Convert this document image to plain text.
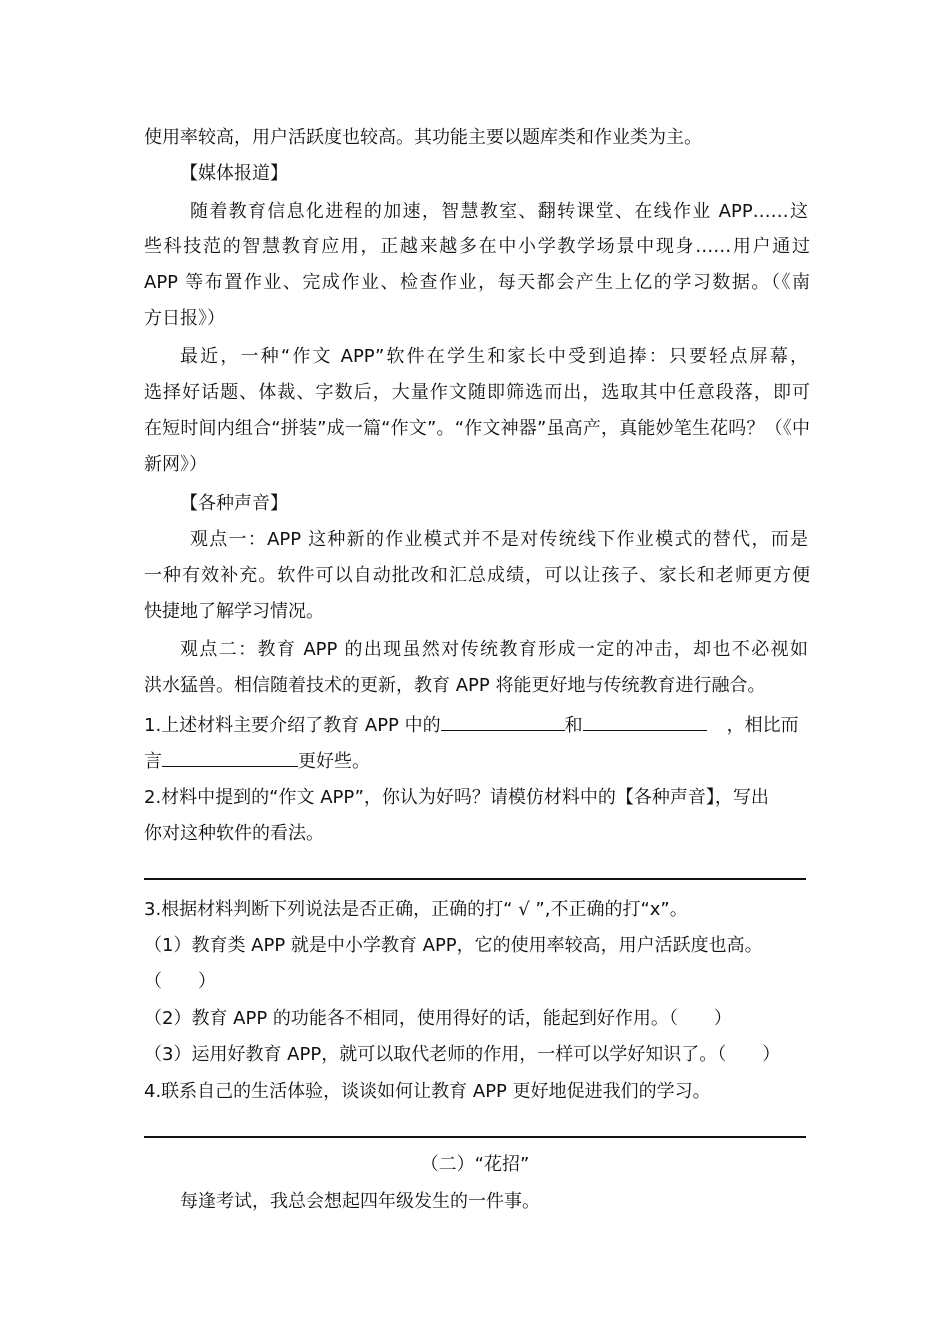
使用率较高，用户活跃度也较高。其功能主要以题库类和作业类为主。
【媒体报道】
随着教育信息化进程的加速，智慧教室、翻转课堂、在线作业 APP……这
些科技范的智慧教育应用，正越来越多在中小学教学场景中现身……用户通过
APP 等布置作业、完成作业、检查作业，每天都会产生上亿的学习数据。（《南
方日报》）
最近，一种“作文 APP”软件在学生和家长中受到追捧：只要轻点屏幕，
选择好话题、体裁、字数后，大量作文随即筛选而出，选取其中任意段落，即可
在短时间内组合“拼装”成一篇“作文”。“作文神器”虽高产，真能妙笔生花吗？（《中
新网》）
【各种声音】
观点一：APP 这种新的作业模式并不是对传统线下作业模式的替代，而是
一种有效补充。软件可以自动批改和汇总成绩，可以让孩子、家长和老师更方便
快捷地了解学习情况。
观点二：教育 APP 的出现虽然对传统教育形成一定的冲击，却也不必视如
洪水猛兽。相信随着技术的更新，教育 APP 将能更好地与传统教育进行融合。
1.上述材料主要介绍了教育 APP 中的	和	，相比而
言	更好些。
2.材料中提到的“作文 APP”，你认为好吗？请模仿材料中的【各种声音】，写出
你对这种软件的看法。
3.根据材料判断下列说法是否正确，正确的打“ √ ”,不正确的打“x”。
（1）教育类 APP 就是中小学教育 APP，它的使用率较高，用户活跃度也高。
（　　）
（2）教育 APP 的功能各不相同，使用得好的话，能起到好作用。（　　）
（3）运用好教育 APP，就可以取代老师的作用，一样可以学好知识了。（　　）
4.联系自己的生活体验，谈谈如何让教育 APP 更好地促进我们的学习。
（二）“花招”
每逢考试，我总会想起四年级发生的一件事。
